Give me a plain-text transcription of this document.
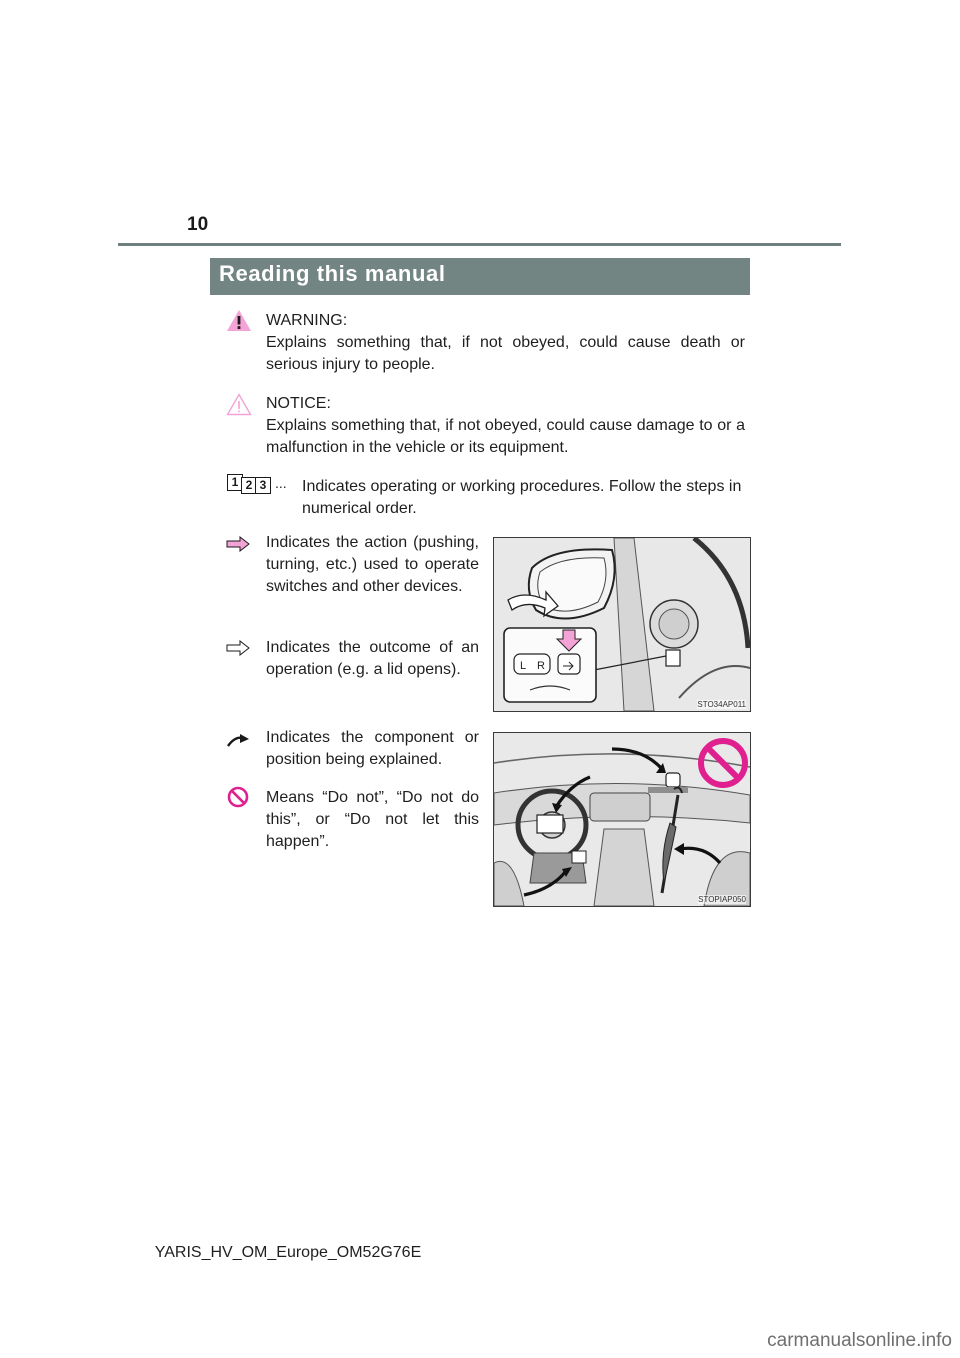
10
Reading this manual
WARNING:
Explains something that, if not obeyed, could cause death or serious injury to people.
NOTICE:
Explains something that, if not obeyed, could cause damage to or a malfunction in the vehicle or its equipment.
1 2 3 ... Indicates operating or working procedures. Follow the steps in numerical order.
Indicates the action (pushing, turning, etc.) used to operate switches and other devices.
Indicates the outcome of an operation (e.g. a lid opens).
Indicates the component or position being explained.
Means “Do not”, “Do not do this”, or “Do not let this happen”.
L R
STO34AP011
STOPIAP050
YARIS_HV_OM_Europe_OM52G76E
carmanualsonline.info
